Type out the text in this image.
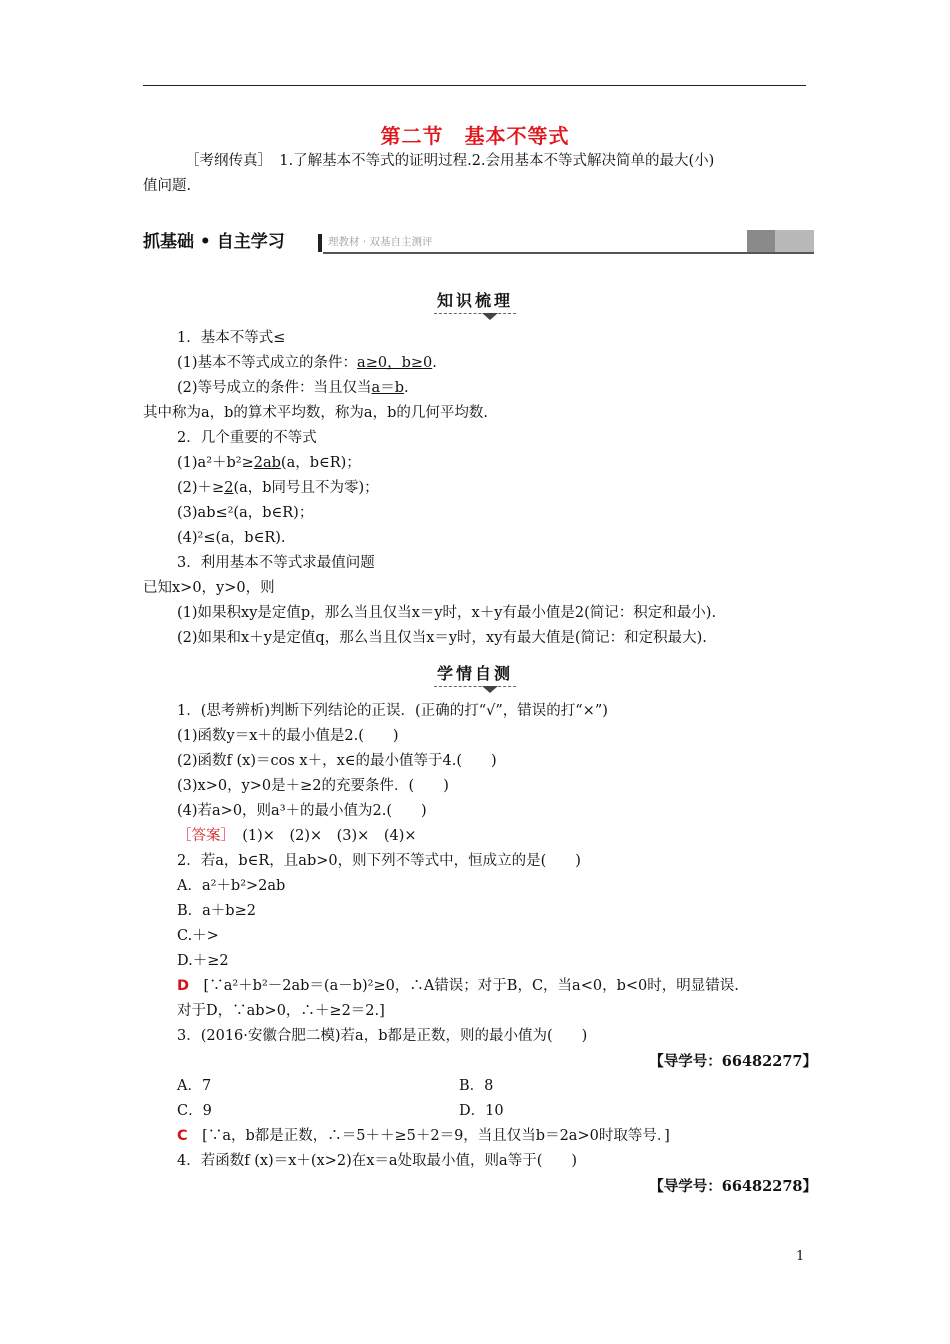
第二节　基本不等式
［考纲传真］　1.了解基本不等式的证明过程.2.会用基本不等式解决简单的最大(小)
值问题.
抓基础 • 自主学习	理教材 · 双基自主测评
知识梳理
1．基本不等式≤
(1)基本不等式成立的条件：a≥0，b≥0.
(2)等号成立的条件：当且仅当a＝b.
其中称为a，b的算术平均数，称为a，b的几何平均数.
2．几个重要的不等式
(1)a²＋b²≥2ab(a，b∈R)；
(2)＋≥2(a，b同号且不为零)；
(3)ab≤²(a，b∈R)；
(4)²≤(a，b∈R).
3．利用基本不等式求最值问题
已知x>0，y>0，则
(1)如果积xy是定值p，那么当且仅当x＝y时，x＋y有最小值是2(简记：积定和最小).
(2)如果和x＋y是定值q，那么当且仅当x＝y时，xy有最大值是(简记：和定积最大).
学情自测
1．(思考辨析)判断下列结论的正误．(正确的打“√”，错误的打“×”)
(1)函数y＝x＋的最小值是2.(　　)
(2)函数f (x)＝cos x＋，x∈的最小值等于4.(　　)
(3)x>0，y>0是＋≥2的充要条件．(　　)
(4)若a>0，则a³＋的最小值为2.(　　)
［答案］　(1)×　(2)×　(3)×　(4)×
2．若a，b∈R，且ab>0，则下列不等式中，恒成立的是(　　)
A．a²＋b²>2ab
B．a＋b≥2
C.＋>
D.＋≥2
D　[∵a²＋b²－2ab＝(a－b)²≥0，∴A错误；对于B，C，当a<0，b<0时，明显错误.
对于D，∵ab>0，∴＋≥2＝2.]
3．(2016·安徽合肥二模)若a，b都是正数，则的最小值为(　　)
【导学号：66482277】
A．7	B．8
C．9	D．10
C　[∵a，b都是正数，∴＝5＋＋≥5＋2＝9，当且仅当b＝2a>0时取等号．]
4．若函数f (x)＝x＋(x>2)在x＝a处取最小值，则a等于(　　)
【导学号：66482278】
1
